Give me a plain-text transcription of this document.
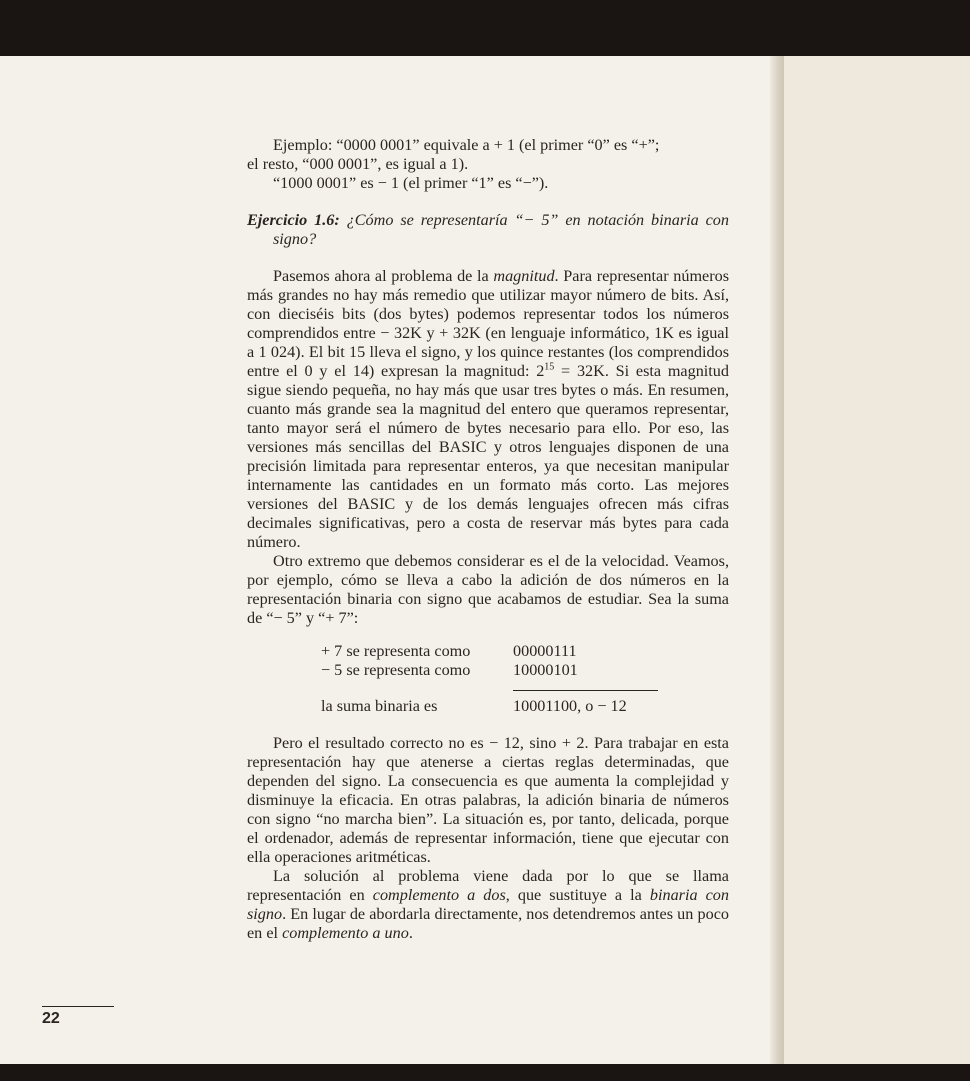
Ejemplo: “0000 0001” equivale a + 1 (el primer “0” es “+”;

el resto, “000 0001”, es igual a 1).

“1000 0001” es − 1 (el primer “1” es “−”).

Ejercicio 1.6: ¿Cómo se representaría “− 5” en notación binaria con signo?

Pasemos ahora al problema de la magnitud. Para representar números más grandes no hay más remedio que utilizar mayor número de bits. Así, con dieciséis bits (dos bytes) podemos representar todos los números comprendidos entre − 32K y + 32K (en lenguaje informático, 1K es igual a 1 024). El bit 15 lleva el signo, y los quince restantes (los comprendidos entre el 0 y el 14) expresan la magnitud: $2^{15} = 32K$. Si esta magnitud sigue siendo pequeña, no hay más que usar tres bytes o más. En resumen, cuanto más grande sea la magnitud del entero que queramos representar, tanto mayor será el número de bytes necesario para ello. Por eso, las versiones más sencillas del BASIC y otros lenguajes disponen de una precisión limitada para representar enteros, ya que necesitan manipular internamente las cantidades en un formato más corto. Las mejores versiones del BASIC y de los demás lenguajes ofrecen más cifras decimales significativas, pero a costa de reservar más bytes para cada número.

Otro extremo que debemos considerar es el de la velocidad. Veamos, por ejemplo, cómo se lleva a cabo la adición de dos números en la representación binaria con signo que acabamos de estudiar. Sea la suma de “− 5” y “+ 7”:

+ 7 se representa como	00000111
− 5 se representa como	10000101
la suma binaria es	10001100, o − 12

Pero el resultado correcto no es − 12, sino + 2. Para trabajar en esta representación hay que atenerse a ciertas reglas determinadas, que dependen del signo. La consecuencia es que aumenta la complejidad y disminuye la eficacia. En otras palabras, la adición binaria de números con signo “no marcha bien”. La situación es, por tanto, delicada, porque el ordenador, además de representar información, tiene que ejecutar con ella operaciones aritméticas.

La solución al problema viene dada por lo que se llama representación en complemento a dos, que sustituye a la binaria con signo. En lugar de abordarla directamente, nos detendremos antes un poco en el complemento a uno.

22
